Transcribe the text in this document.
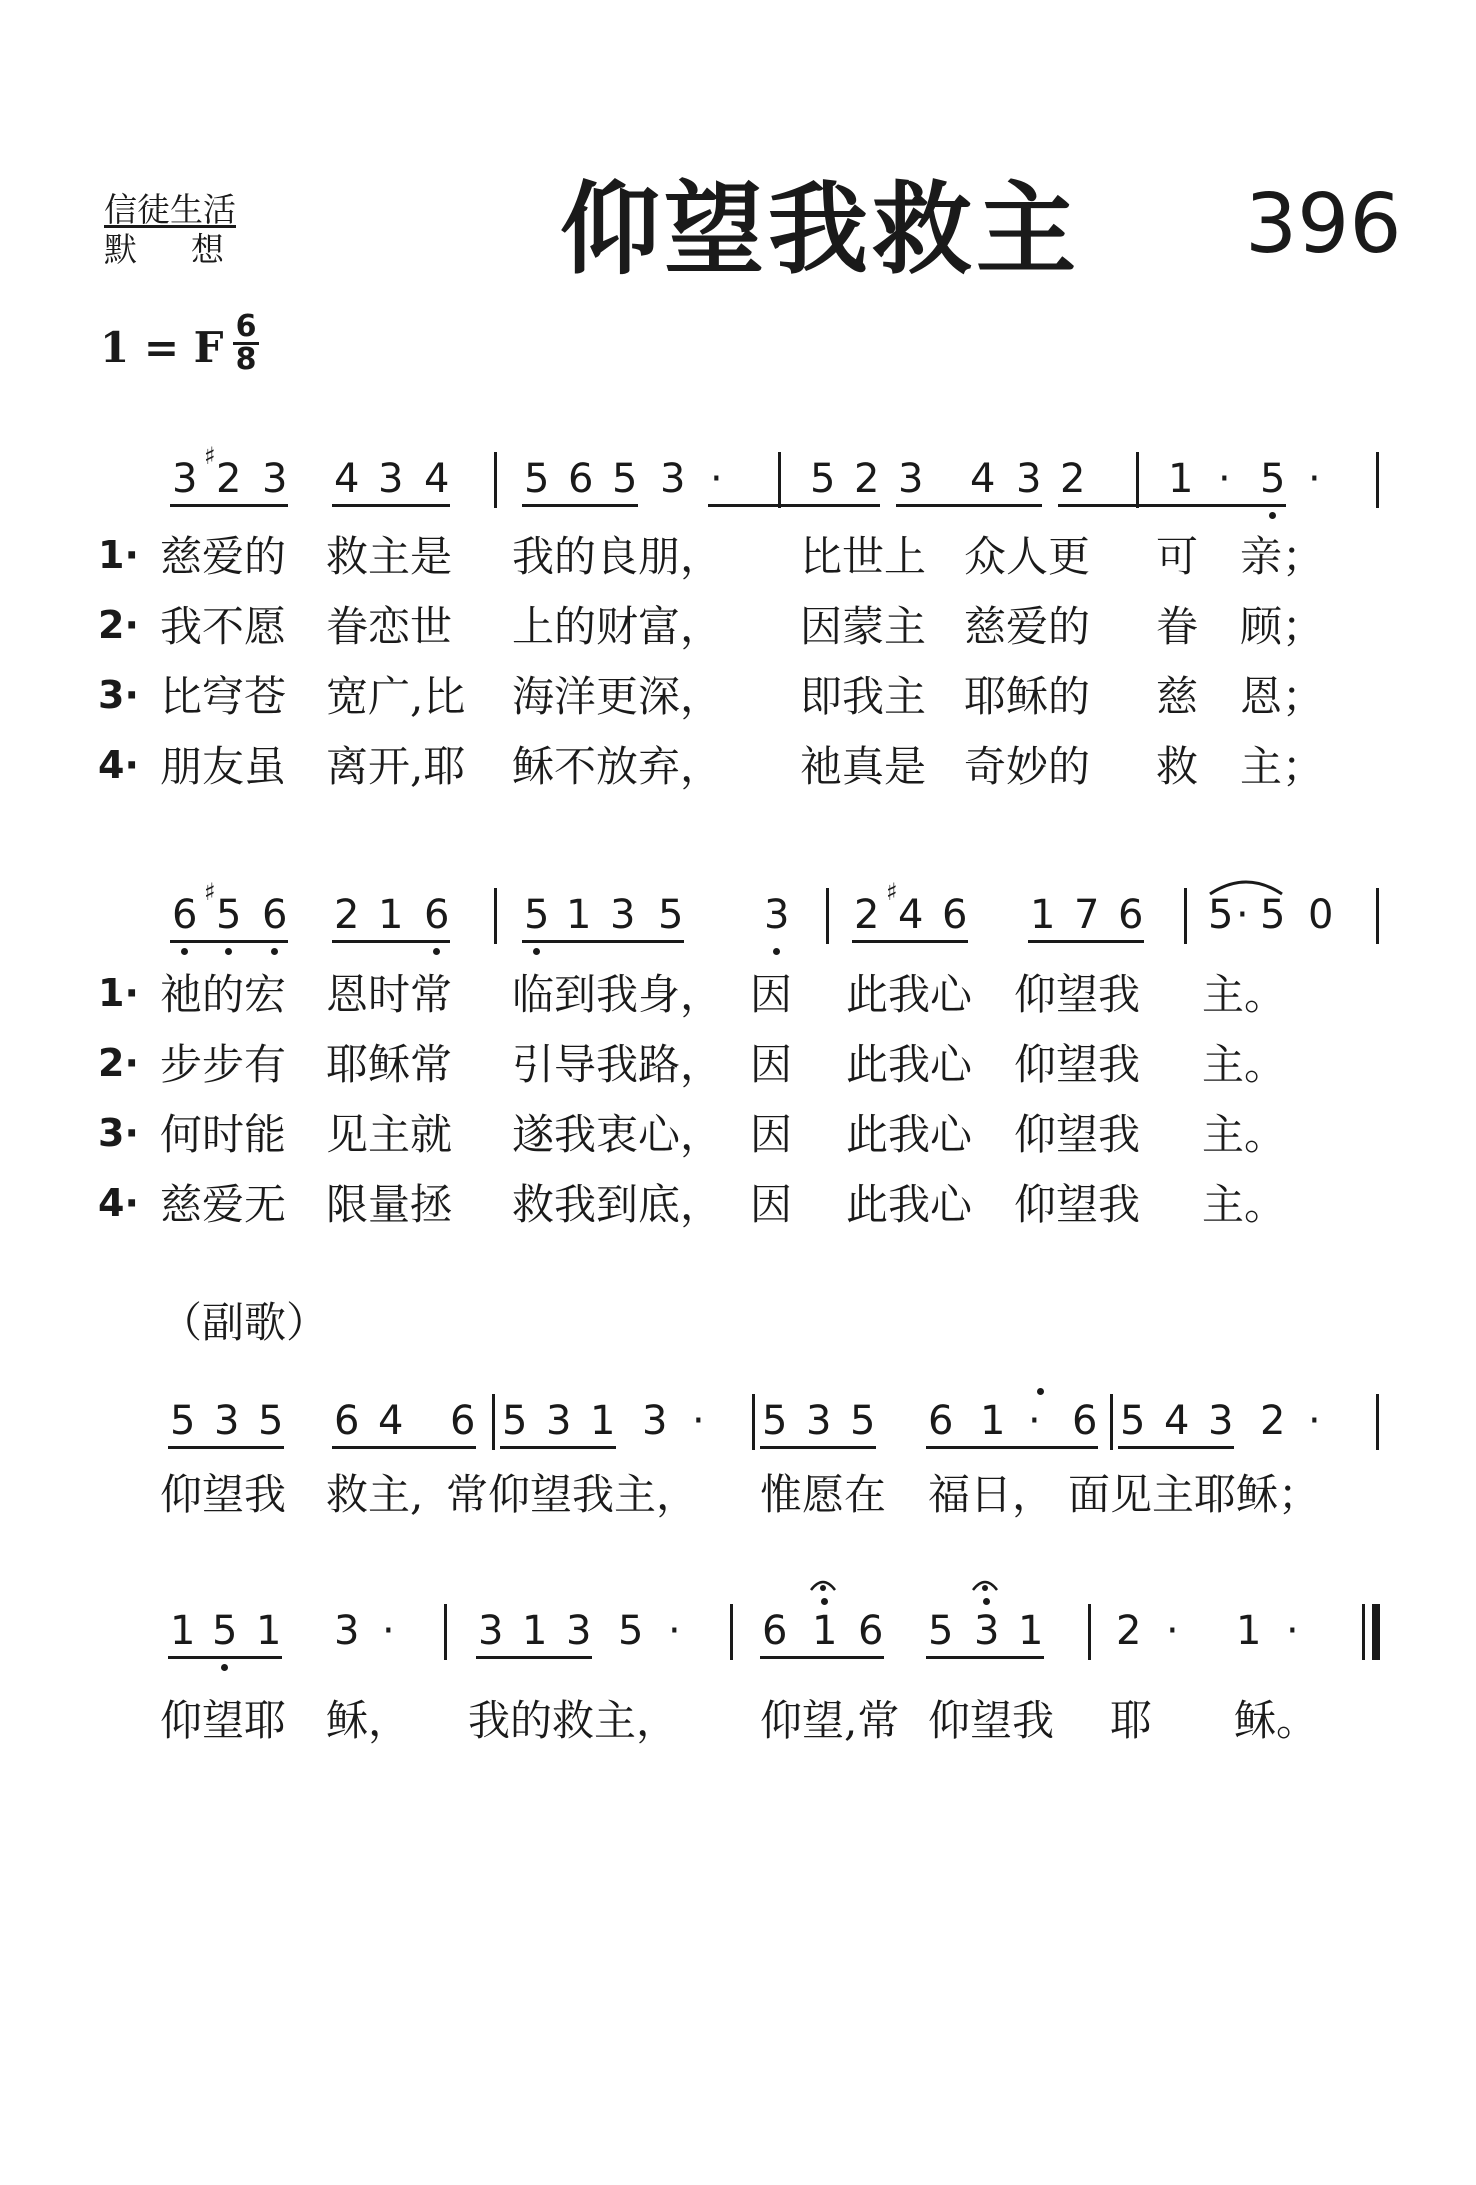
信徒生活
默想	仰望我救主 396
1 = F 6
8
3 2 3 4 3 4 5 6 5 3 · 5 2 3 4 3 2 1 · 5 ·
♯
6 5 6 2 1 6 5 1 3 5 3 2 4 6 1 7 6 5 · 5 0
♯	♯
5 3 5 6 4 6 5 3 1 3 · 5 3 5 6 1 · 6 5 4 3 2 ·
1 5 1 3 · 3 1 3 5 · 6 1 6 5 3 1 2 · 1 ·
1· 慈爱的 救主是 我的良朋， 比世上 众人更 可 亲；
2· 我不愿 眷恋世 上的财富， 因蒙主 慈爱的 眷 顾；
3· 比穹苍 宽广,比 海洋更深， 即我主 耶稣的 慈 恩；
4· 朋友虽 离开,耶 稣不放弃， 祂真是 奇妙的 救 主；
1· 祂的宏 恩时常 临到我身， 因 此我心 仰望我 主。
2· 步步有 耶稣常 引导我路， 因 此我心 仰望我 主。
3· 何时能 见主就 遂我衷心， 因 此我心 仰望我 主。
4· 慈爱无 限量拯 救我到底， 因 此我心 仰望我 主。
（副歌）
仰望我 救主, 常仰望我主， 惟愿在 福日， 面见主耶稣；
仰望耶 稣， 我的救主， 仰望,常 仰望我 耶 稣。
